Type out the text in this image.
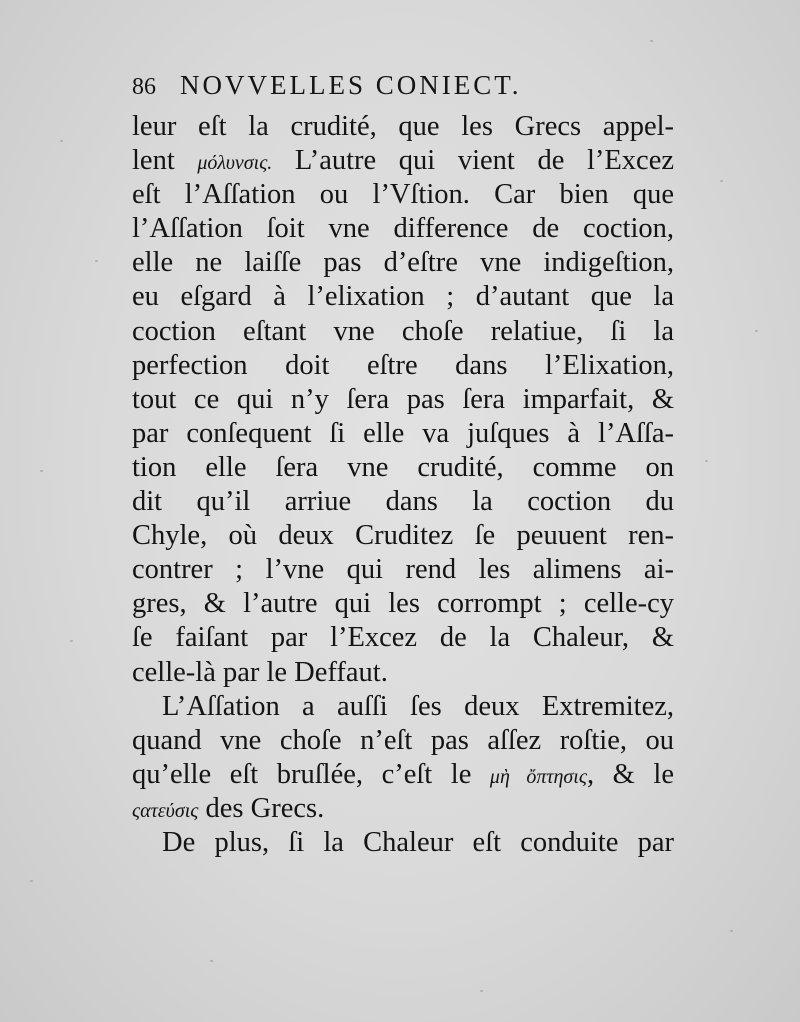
86 NOVVELLES CONIECT.
leur eſt la crudité, que les Grecs appel-
lent μόλυνσις. L’autre qui vient de l’Excez
eſt l’Aſſation ou l’Vſtion. Car bien que
l’Aſſation ſoit vne difference de coction,
elle ne laiſſe pas d’eſtre vne indigeſtion,
eu eſgard à l’elixation ; d’autant que la
coction eſtant vne choſe relatiue, ſi la
perfection doit eſtre dans l’Elixation,
tout ce qui n’y ſera pas ſera imparfait, &
par conſequent ſi elle va juſques à l’Aſſa-
tion elle ſera vne crudité, comme on
dit qu’il arriue dans la coction du
Chyle, où deux Cruditez ſe peuuent ren-
contrer ; l’vne qui rend les alimens ai-
gres, & l’autre qui les corrompt ; celle-cy
ſe faiſant par l’Excez de la Chaleur, &
celle-là par le Deffaut.
L’Aſſation a auſſi ſes deux Extremitez,
quand vne choſe n’eſt pas aſſez roſtie, ou
qu’elle eſt bruſlée, c’eſt le μὴ ὄπτησις, & le
ςατεύσις des Grecs.
De plus, ſi la Chaleur eſt conduite par
